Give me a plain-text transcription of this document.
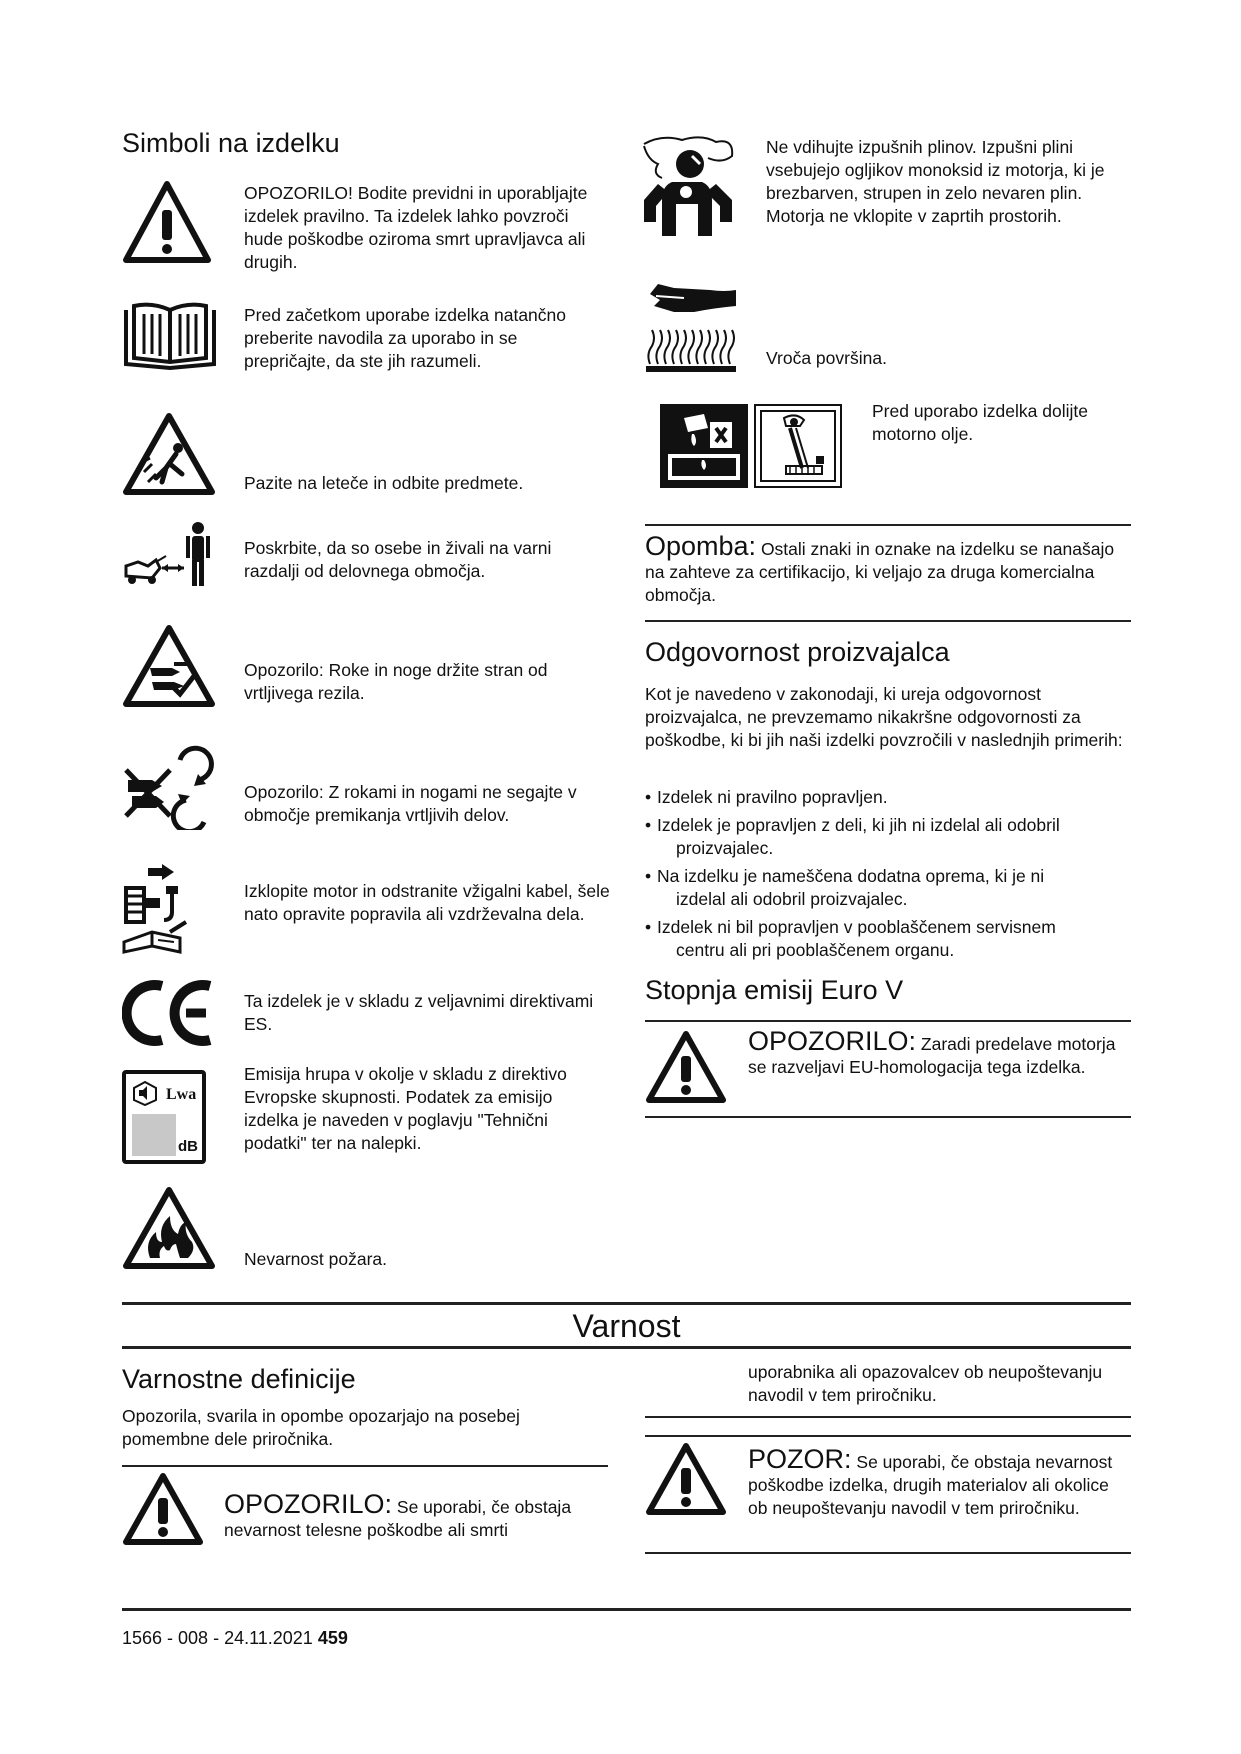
Simboli na izdelku
OPOZORILO! Bodite previdni in uporabljajte izdelek pravilno. Ta izdelek lahko povzroči hude poškodbe oziroma smrt upravljavca ali drugih.
Pred začetkom uporabe izdelka natančno preberite navodila za uporabo in se prepričajte, da ste jih razumeli.
Pazite na leteče in odbite predmete.
Poskrbite, da so osebe in živali na varni razdalji od delovnega območja.
Opozorilo: Roke in noge držite stran od vrtljivega rezila.
Opozorilo: Z rokami in nogami ne segajte v območje premikanja vrtljivih delov.
Izklopite motor in odstranite vžigalni kabel, šele nato opravite popravila ali vzdrževalna dela.
Ta izdelek je v skladu z veljavnimi direktivami ES.
Lwa
dB
Emisija hrupa v okolje v skladu z direktivo Evropske skupnosti. Podatek za emisijo izdelka je naveden v poglavju "Tehnični podatki" ter na nalepki.
Nevarnost požara.
Ne vdihujte izpušnih plinov. Izpušni plini vsebujejo ogljikov monoksid iz motorja, ki je brezbarven, strupen in zelo nevaren plin. Motorja ne vklopite v zaprtih prostorih.
Vroča površina.
Pred uporabo izdelka dolijte motorno olje.
Opomba: Ostali znaki in oznake na izdelku se nanašajo na zahteve za certifikacijo, ki veljajo za druga komercialna območja.
Odgovornost proizvajalca
Kot je navedeno v zakonodaji, ki ureja odgovornost proizvajalca, ne prevzemamo nikakršne odgovornosti za poškodbe, ki bi jih naši izdelki povzročili v naslednjih primerih:
• Izdelek ni pravilno popravljen.
• Izdelek je popravljen z deli, ki jih ni izdelal ali odobril
proizvajalec.
• Na izdelku je nameščena dodatna oprema, ki je ni
izdelal ali odobril proizvajalec.
• Izdelek ni bil popravljen v pooblaščenem servisnem
centru ali pri pooblaščenem organu.
Stopnja emisij Euro V
OPOZORILO: Zaradi predelave motorja se razveljavi EU-homologacija tega izdelka.
Varnost
Varnostne definicije
Opozorila, svarila in opombe opozarjajo na posebej pomembne dele priročnika.
OPOZORILO: Se uporabi, če obstaja nevarnost telesne poškodbe ali smrti
uporabnika ali opazovalcev ob neupoštevanju navodil v tem priročniku.
POZOR: Se uporabi, če obstaja nevarnost poškodbe izdelka, drugih materialov ali okolice ob neupoštevanju navodil v tem priročniku.
1566 - 008 - 24.11.2021 459
